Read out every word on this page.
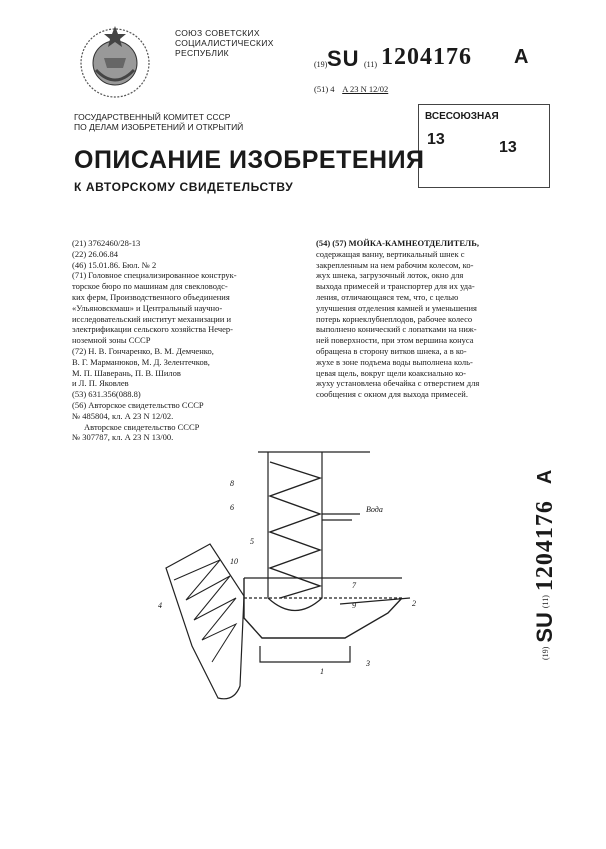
СОЮЗ СОВЕТСКИХ
СОЦИАЛИСТИЧЕСКИХ
РЕСПУБЛИК
(19) SU (11) 1204176 A
(51) 4 A 23 N 12/02
ГОСУДАРСТВЕННЫЙ КОМИТЕТ СССР
ПО ДЕЛАМ ИЗОБРЕТЕНИЙ И ОТКРЫТИЙ
ВСЕСОЮЗНАЯ
13	13
ОПИСАНИЕ ИЗОБРЕТЕНИЯ
К АВТОРСКОМУ СВИДЕТЕЛЬСТВУ
(21) 3762460/28-13
(22) 26.06.84
(46) 15.01.86. Бюл. № 2
(71) Головное специализированное конструк-
торское бюро по машинам для свекловодс-
ких ферм, Производственного объединения
«Ульяновскмаш» и Центральный научно-
исследовательский институт механизации и
электрификации сельского хозяйства Нечер-
ноземной зоны СССР
(72) Н. В. Гончаренко, В. М. Демченко,
В. Г. Марманюков, М. Д. Зелентечков,
М. П. Шаверань, П. В. Шилов
и Л. П. Яковлев
(53) 631.356(088.8)
(56) Авторское свидетельство СССР
№ 485804, кл. А 23 N 12/02.
Авторское свидетельство СССР
№ 307787, кл. А 23 N 13/00.
(54) (57) МОЙКА-КАМНЕОТДЕЛИТЕЛЬ,
содержащая ванну, вертикальный шнек с
закрепленным на нем рабочим колесом, ко-
жух шнека, загрузочный лоток, окно для
выхода примесей и транспортер для их уда-
ления, отличающаяся тем, что, с целью
улучшения отделения камней и уменьшения
потерь корнеклубнеплодов, рабочее колесо
выполнено конический с лопатками на ниж-
ней поверхности, при этом вершина конуса
обращена в сторону витков шнека, а в ко-
жухе в зоне подъема воды выполнена коль-
цевая щель, вокруг щели коаксиально ко-
жуху установлена обечайка с отверстием для
сообщения с окном для выхода примесей.
(19)
SU
(11)
1204176
A
8
6
5
10
4
1
3
2
7
9
Вода
